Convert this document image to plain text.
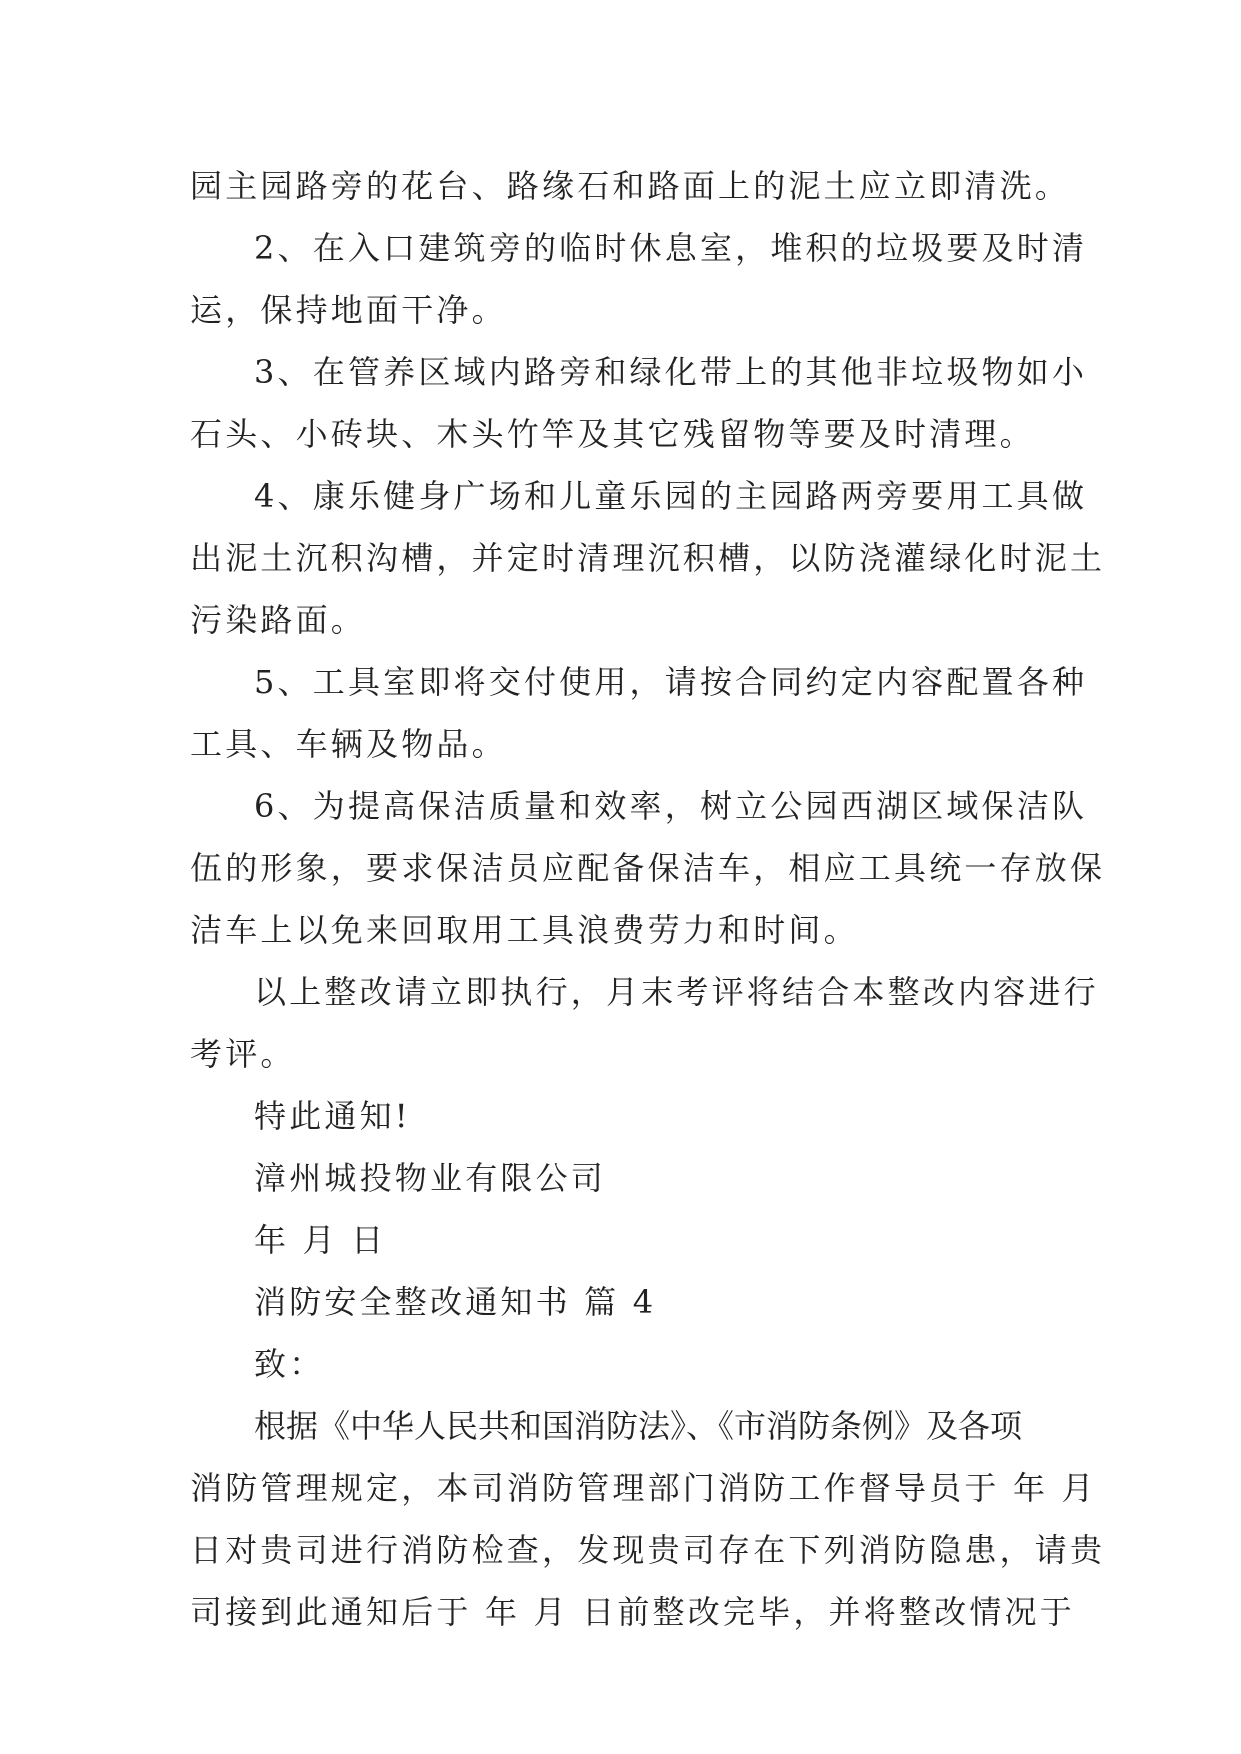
园主园路旁的花台、路缘石和路面上的泥土应立即清洗。
2、在入口建筑旁的临时休息室，堆积的垃圾要及时清
运，保持地面干净。
3、在管养区域内路旁和绿化带上的其他非垃圾物如小
石头、小砖块、木头竹竿及其它残留物等要及时清理。
4、康乐健身广场和儿童乐园的主园路两旁要用工具做
出泥土沉积沟槽，并定时清理沉积槽，以防浇灌绿化时泥土
污染路面。
5、工具室即将交付使用，请按合同约定内容配置各种
工具、车辆及物品。
6、为提高保洁质量和效率，树立公园西湖区域保洁队
伍的形象，要求保洁员应配备保洁车，相应工具统一存放保
洁车上以免来回取用工具浪费劳力和时间。
以上整改请立即执行，月末考评将结合本整改内容进行
考评。
特此通知!
漳州城投物业有限公司
年 月 日
消防安全整改通知书 篇 4
致：
根据《中华人民共和国消防法》、《市消防条例》及各项
消防管理规定，本司消防管理部门消防工作督导员于 年 月
日对贵司进行消防检查，发现贵司存在下列消防隐患，请贵
司接到此通知后于 年 月 日前整改完毕，并将整改情况于
